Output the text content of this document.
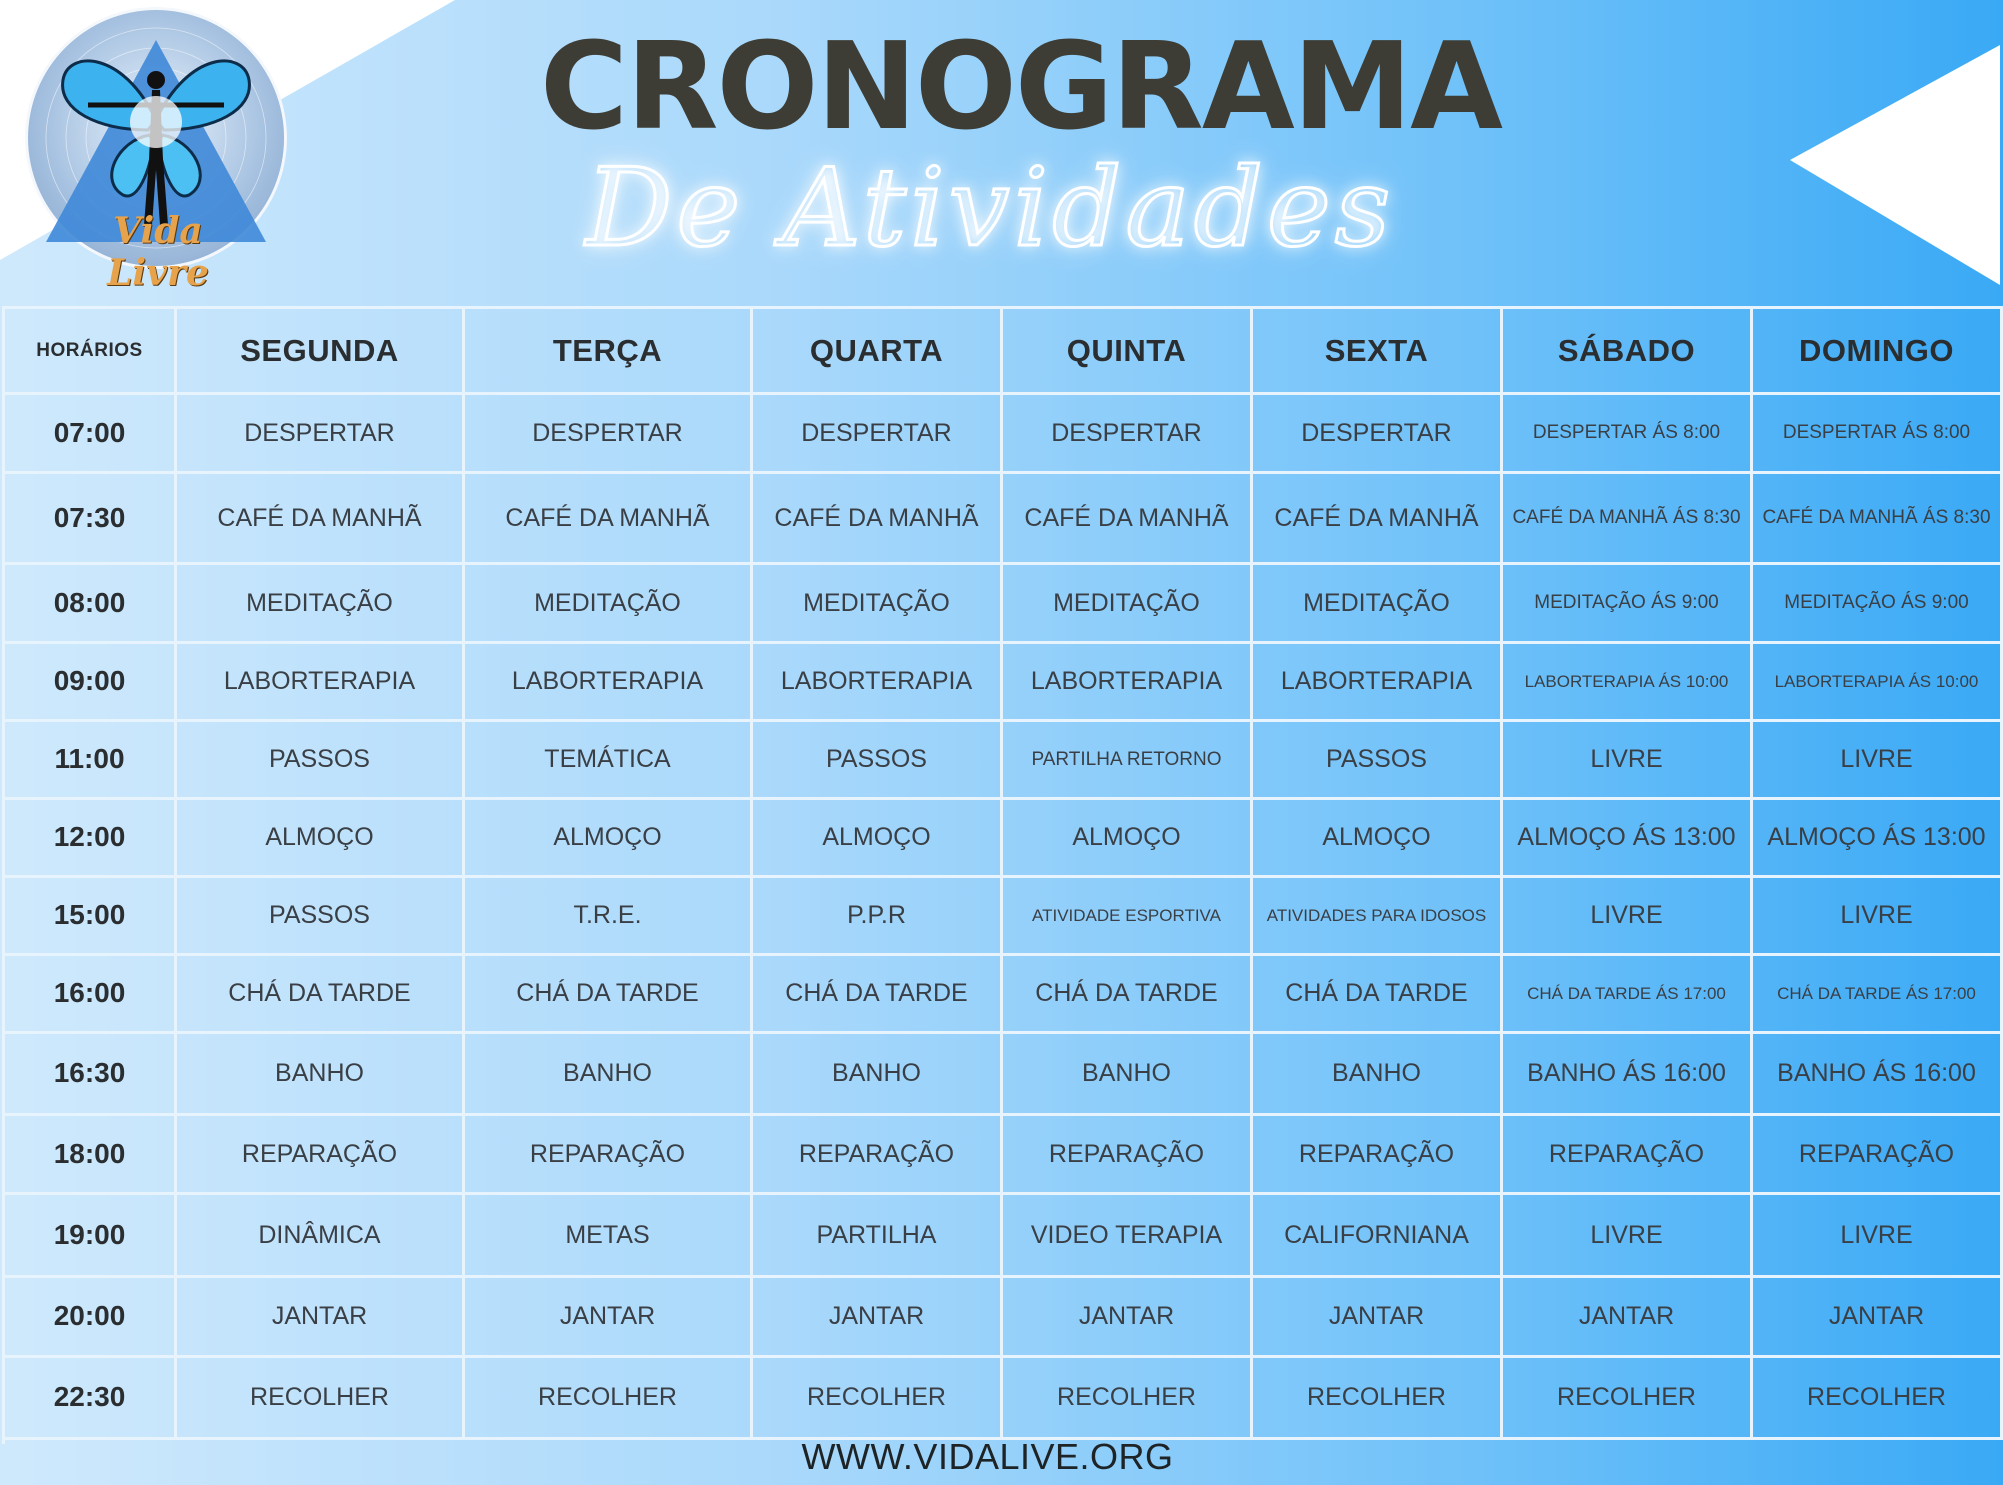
Vida Livre
CRONOGRAMA
De Atividades
HORÁRIOS	SEGUNDA	TERÇA	QUARTA	QUINTA	SEXTA	SÁBADO	DOMINGO
07:00	DESPERTAR	DESPERTAR	DESPERTAR	DESPERTAR	DESPERTAR	DESPERTAR ÁS 8:00	DESPERTAR ÁS 8:00
07:30	CAFÉ DA MANHÃ	CAFÉ DA MANHÃ	CAFÉ DA MANHÃ	CAFÉ DA MANHÃ	CAFÉ DA MANHÃ	CAFÉ DA MANHÃ ÁS 8:30	CAFÉ DA MANHÃ ÁS 8:30
08:00	MEDITAÇÃO	MEDITAÇÃO	MEDITAÇÃO	MEDITAÇÃO	MEDITAÇÃO	MEDITAÇÃO ÁS 9:00	MEDITAÇÃO ÁS 9:00
09:00	LABORTERAPIA	LABORTERAPIA	LABORTERAPIA	LABORTERAPIA	LABORTERAPIA	LABORTERAPIA ÁS 10:00	LABORTERAPIA ÁS 10:00
11:00	PASSOS	TEMÁTICA	PASSOS	PARTILHA RETORNO	PASSOS	LIVRE	LIVRE
12:00	ALMOÇO	ALMOÇO	ALMOÇO	ALMOÇO	ALMOÇO	ALMOÇO ÁS 13:00	ALMOÇO ÁS 13:00
15:00	PASSOS	T.R.E.	P.P.R	ATIVIDADE ESPORTIVA	ATIVIDADES PARA IDOSOS	LIVRE	LIVRE
16:00	CHÁ DA TARDE	CHÁ DA TARDE	CHÁ DA TARDE	CHÁ DA TARDE	CHÁ DA TARDE	CHÁ DA TARDE ÁS 17:00	CHÁ DA TARDE ÁS 17:00
16:30	BANHO	BANHO	BANHO	BANHO	BANHO	BANHO ÁS 16:00	BANHO ÁS 16:00
18:00	REPARAÇÃO	REPARAÇÃO	REPARAÇÃO	REPARAÇÃO	REPARAÇÃO	REPARAÇÃO	REPARAÇÃO
19:00	DINÂMICA	METAS	PARTILHA	VIDEO TERAPIA	CALIFORNIANA	LIVRE	LIVRE
20:00	JANTAR	JANTAR	JANTAR	JANTAR	JANTAR	JANTAR	JANTAR
22:30	RECOLHER	RECOLHER	RECOLHER	RECOLHER	RECOLHER	RECOLHER	RECOLHER
WWW.VIDALIVE.ORG
